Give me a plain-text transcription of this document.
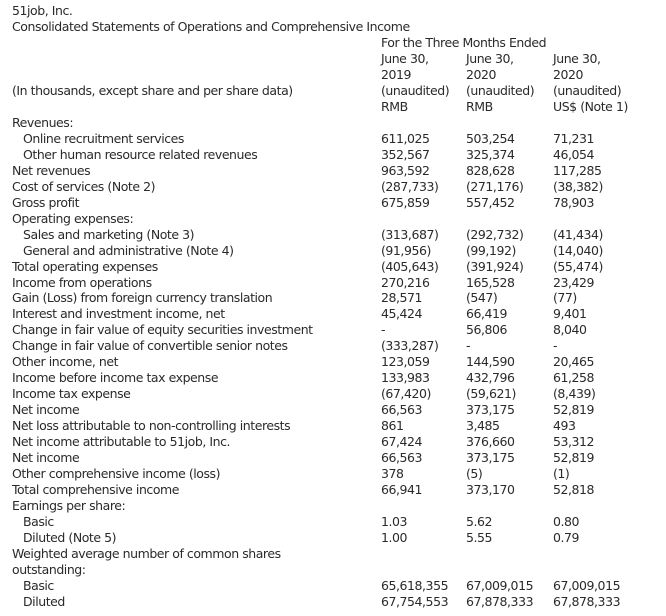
51job, Inc.
Consolidated Statements of Operations and Comprehensive Income
For the Three Months Ended
June 30,	June 30,	June 30,
2019	2020	2020
(In thousands, except share and per share data)	(unaudited) (unaudited) (unaudited)
RMB	RMB	US$ (Note 1)
Revenues:
Online recruitment services	611,025	503,254	71,231
Other human resource related revenues	352,567	325,374	46,054
Net revenues	963,592	828,628	117,285
Cost of services (Note 2)	(287,733) (271,176) (38,382)
Gross profit	675,859	557,452	78,903
Operating expenses:
Sales and marketing (Note 3)	(313,687) (292,732) (41,434)
General and administrative (Note 4)	(91,956)	(99,192)	(14,040)
Total operating expenses	(405,643) (391,924) (55,474)
Income from operations	270,216	165,528	23,429
Gain (Loss) from foreign currency translation	28,571	(547)	(77)
Interest and investment income, net	45,424	66,419	9,401
Change in fair value of equity securities investment	-	56,806	8,040
Change in fair value of convertible senior notes	(333,287) -	-
Other income, net	123,059	144,590	20,465
Income before income tax expense	133,983	432,796	61,258
Income tax expense	(67,420)	(59,621)	(8,439)
Net income	66,563	373,175	52,819
Net loss attributable to non-controlling interests	861	3,485	493
Net income attributable to 51job, Inc.	67,424	376,660	53,312
Net income	66,563	373,175	52,819
Other comprehensive income (loss)	378	(5)	(1)
Total comprehensive income	66,941	373,170	52,818
Earnings per share:
Basic	1.03	5.62	0.80
Diluted (Note 5)	1.00	5.55	0.79
Weighted average number of common shares
outstanding:
Basic	65,618,355 67,009,015 67,009,015
Diluted	67,754,553 67,878,333 67,878,333
